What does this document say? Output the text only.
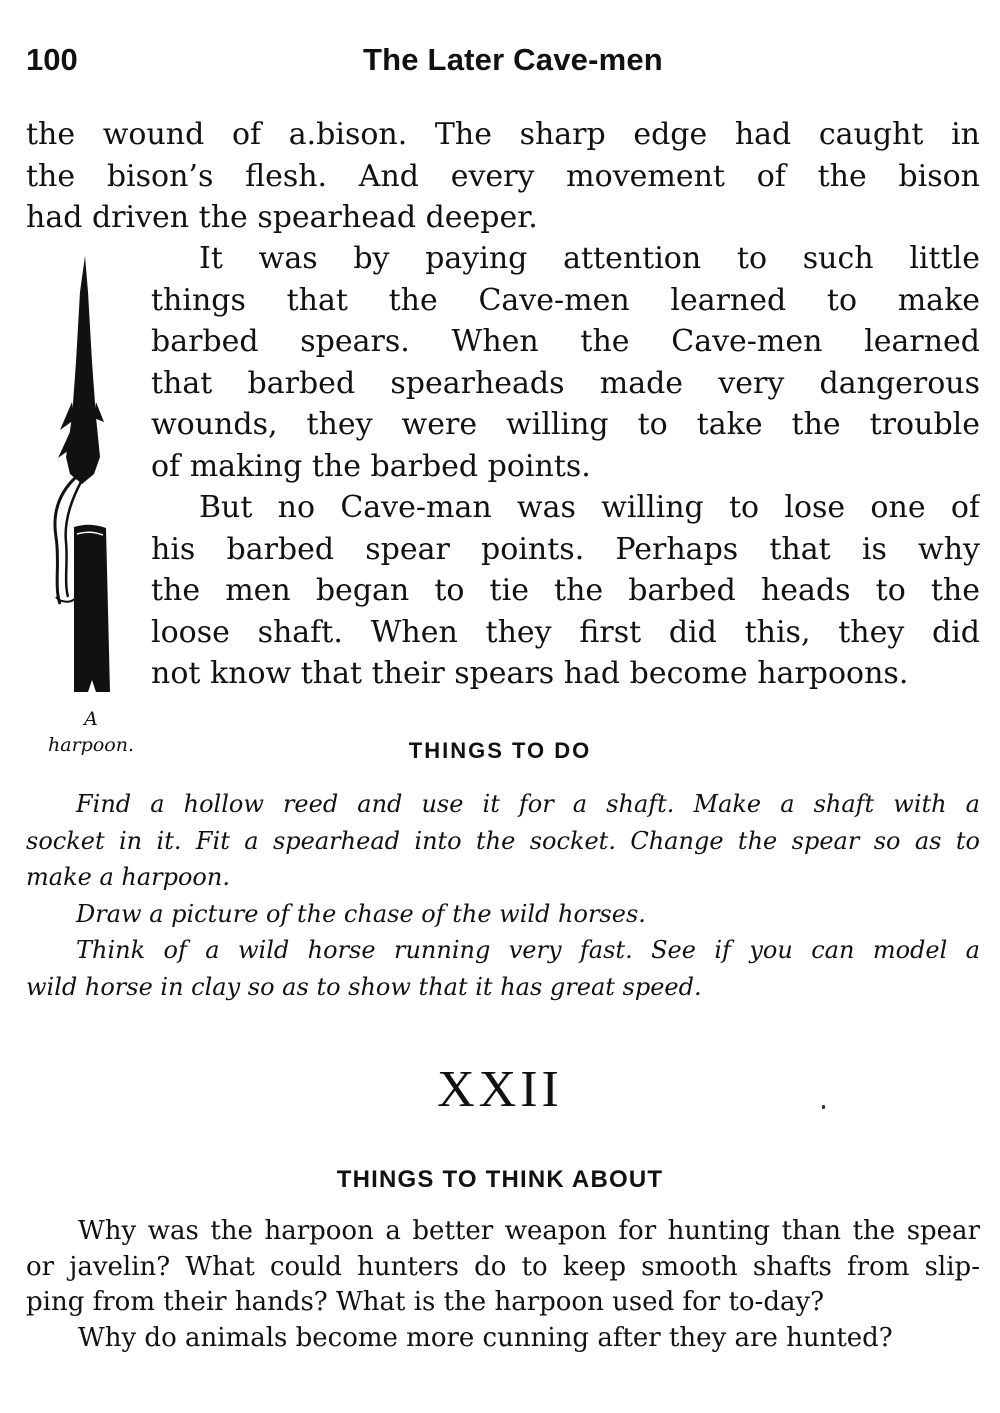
100	The Later Cave-men
the wound of a.bison. The sharp edge had caught in
the bison’s flesh. And every movement of the bison
had driven the spearhead deeper.
It was by paying attention to such little
things that the Cave-men learned to make
barbed spears. When the Cave-men learned
that barbed spearheads made very dangerous
wounds, they were willing to take the trouble
of making the barbed points.
But no Cave-man was willing to lose one of
his barbed spear points. Perhaps that is why
the men began to tie the barbed heads to the
loose shaft. When they first did this, they did
not know that their spears had become harpoons.
A
harpoon.	THINGS TO DO
Find a hollow reed and use it for a shaft. Make a shaft with a
socket in it. Fit a spearhead into the socket. Change the spear so as to
make a harpoon.
Draw a picture of the chase of the wild horses.
Think of a wild horse running very fast. See if you can model a
wild horse in clay so as to show that it has great speed.
XXII
THINGS TO THINK ABOUT
Why was the harpoon a better weapon for hunting than the spear
or javelin? What could hunters do to keep smooth shafts from slip-
ping from their hands? What is the harpoon used for to-day?
Why do animals become more cunning after they are hunted?
